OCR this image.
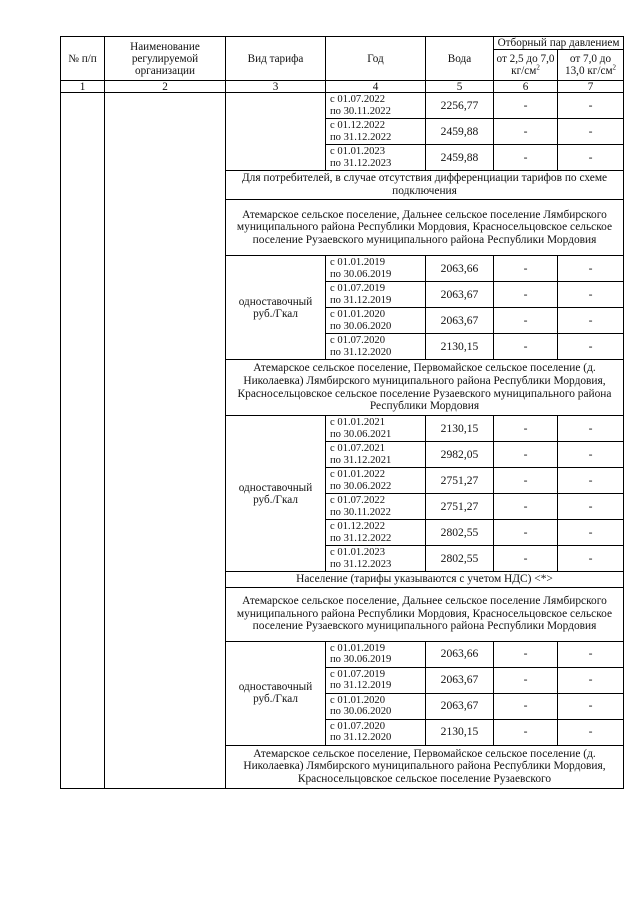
№ п/п	Наименование регулируемой организации	Вид тарифа	Год	Вода	Отборный пар давлением	
					от 2,5 до 7,0 $кг/см^2$	от 7,0 до 13,0 $кг/см^2$
1	2	3	4	5	6	7

			с 01.07.2022
по 30.11.2022	2256,77	-	-

			с 01.12.2022
по 31.12.2022	2459,88	-	-

			с 01.01.2023
по 31.12.2023	2459,88	-	-
		Для потребителей, в случае отсутствия дифференциации тарифов по схеме подключения				
		Атемарское сельское поселение, Дальнее сельское поселение Лямбирского муниципального района Республики Мордовия, Красносельцовское сельское поселение Рузаевского муниципального района Республики Мордовия				
		одноставочный руб./Гкал	с 01.01.2019
по 30.06.2019	2063,66	-	-

			с 01.07.2019
по 31.12.2019	2063,67	-	-

			с 01.01.2020
по 30.06.2020	2063,67	-	-

			с 01.07.2020
по 31.12.2020	2130,15	-	-
		Атемарское сельское поселение, Первомайское сельское поселение (д. Николаевка) Лямбирского муниципального района Республики Мордовия, Красносельцовское сельское поселение Рузаевского муниципального района Республики Мордовия				
		одноставочный руб./Гкал	с 01.01.2021
по 30.06.2021	2130,15	-	-

			с 01.07.2021
по 31.12.2021	2982,05	-	-

			с 01.01.2022
по 30.06.2022	2751,27	-	-

			с 01.07.2022
по 30.11.2022	2751,27	-	-

			с 01.12.2022
по 31.12.2022	2802,55	-	-

			с 01.01.2023
по 31.12.2023	2802,55	-	-
		Население (тарифы указываются с учетом НДС) <*>				
		Атемарское сельское поселение, Дальнее сельское поселение Лямбирского муниципального района Республики Мордовия, Красносельцовское сельское поселение Рузаевского муниципального района Республики Мордовия				
		одноставочный руб./Гкал	с 01.01.2019
по 30.06.2019	2063,66	-	-

			с 01.07.2019
по 31.12.2019	2063,67	-	-

			с 01.01.2020
по 30.06.2020	2063,67	-	-

			с 01.07.2020
по 31.12.2020	2130,15	-	-
		Атемарское сельское поселение, Первомайское сельское поселение (д. Николаевка) Лямбирского муниципального района Республики Мордовия, Красносельцовское сельское поселение Рузаевского				
